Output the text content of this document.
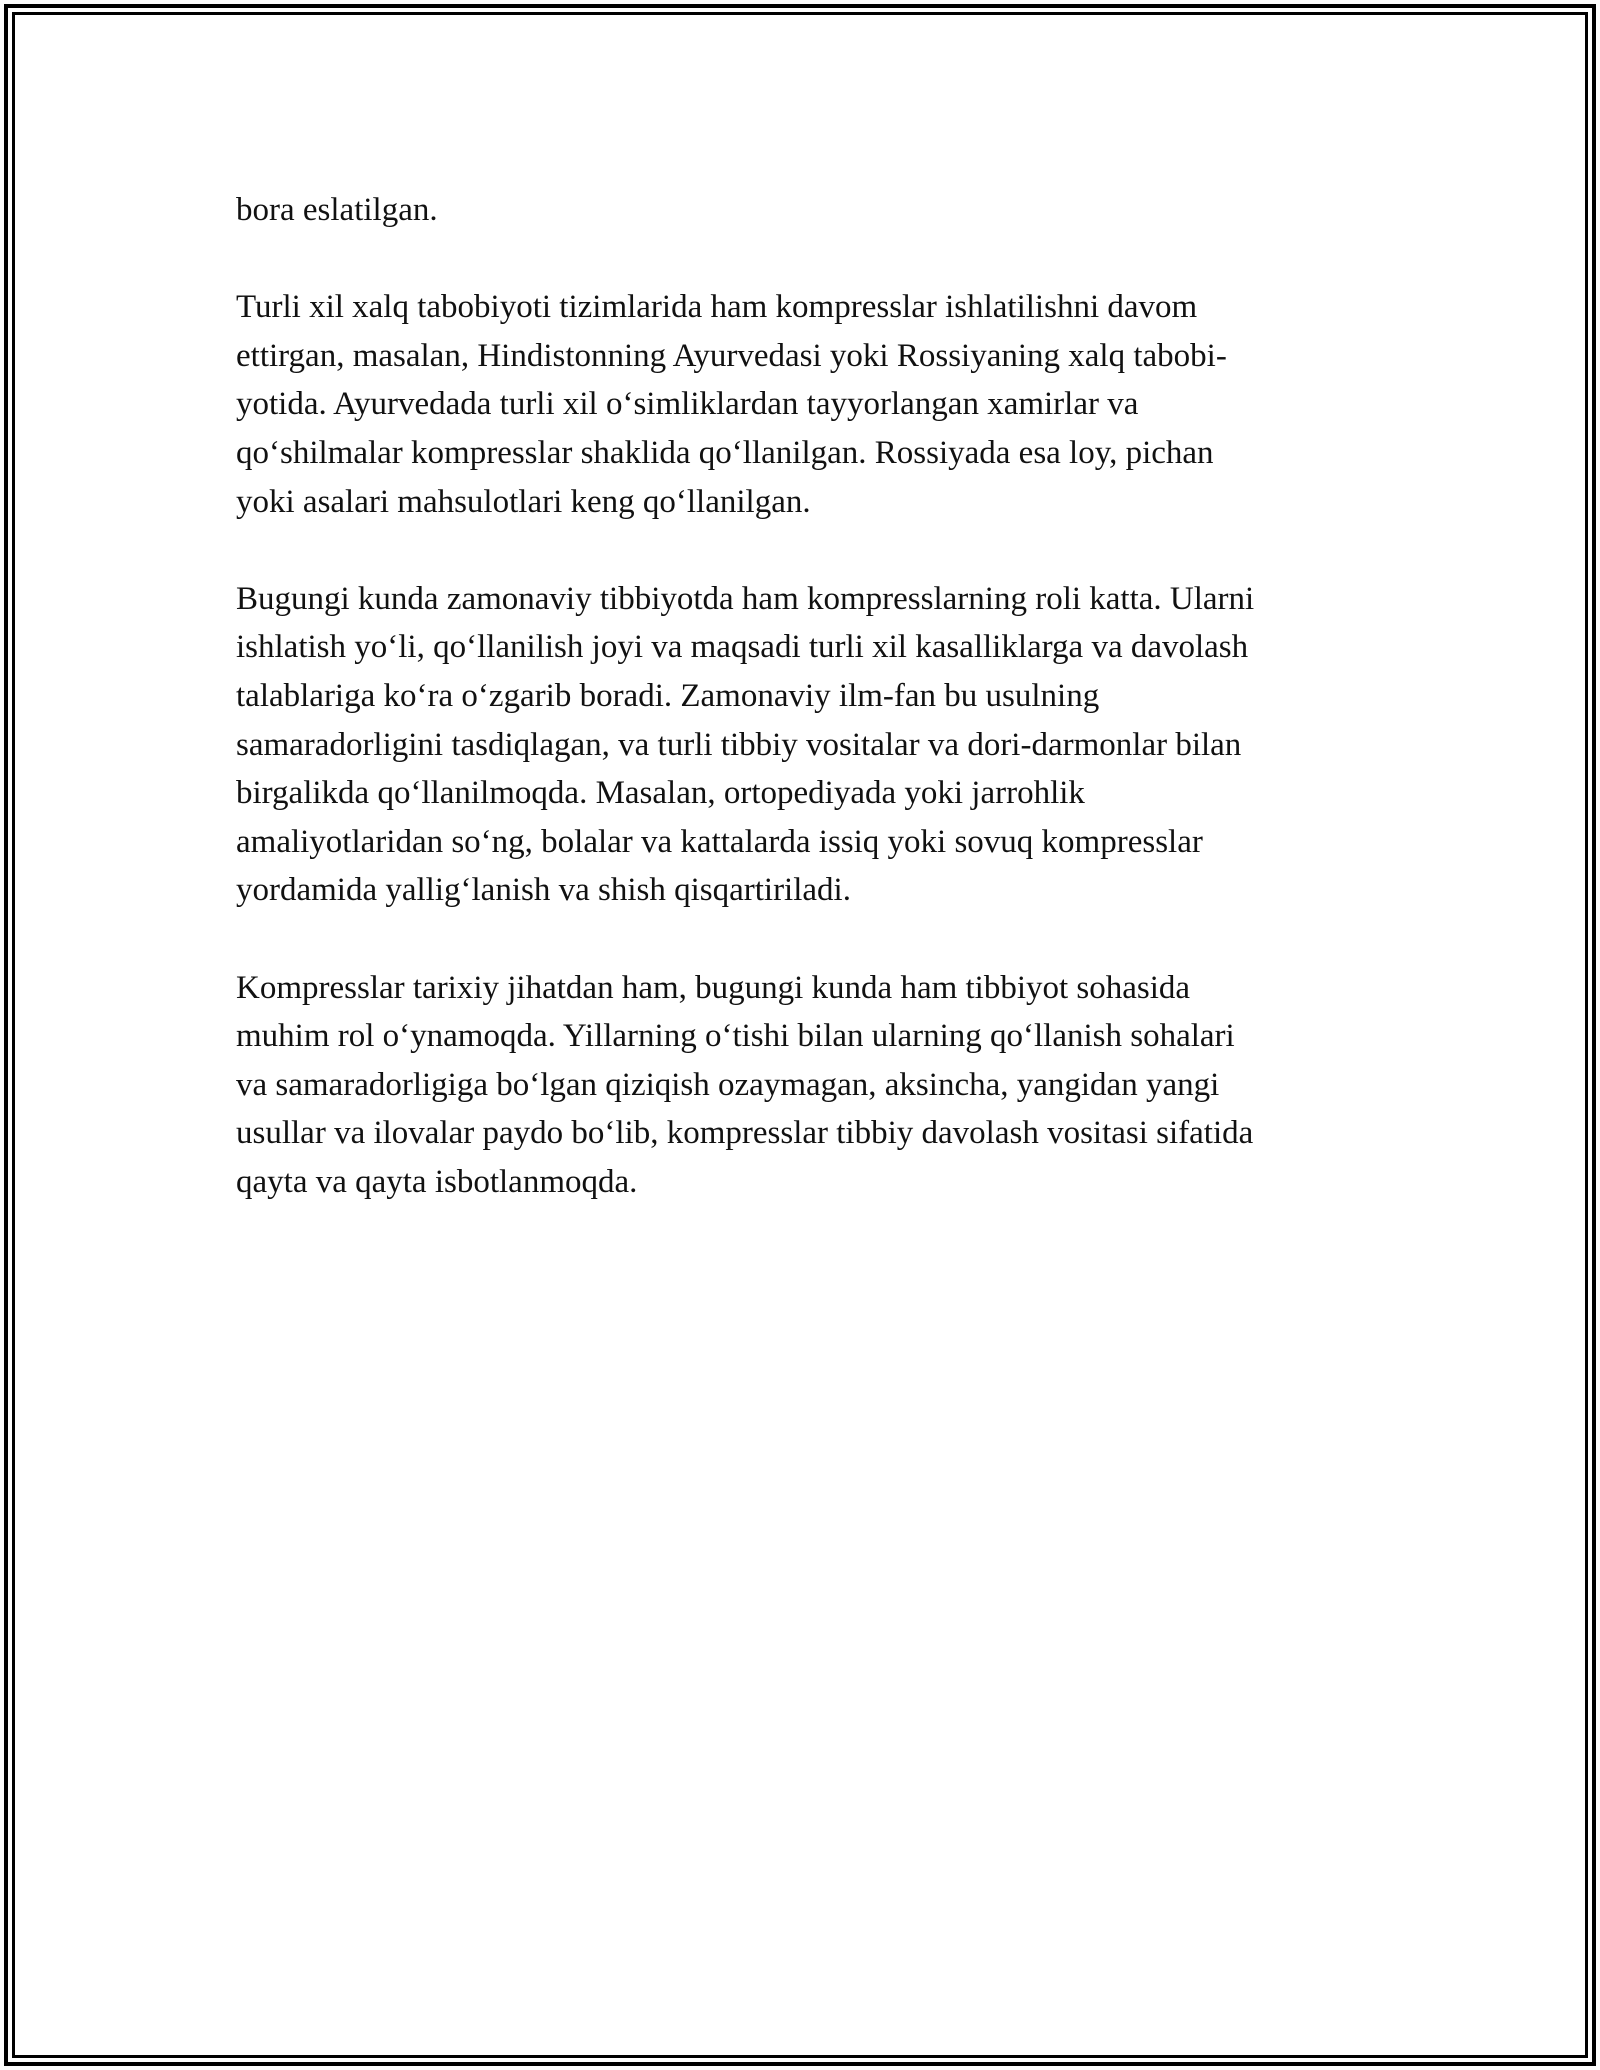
bora eslatilgan.

Turli xil xalq tabobiyoti tizimlarida ham kompresslar ishlatilishni davom
ettirgan, masalan, Hindistonning Ayurvedasi yoki Rossiyaning xalq tabobi-
yotida. Ayurvedada turli xil o‘simliklardan tayyorlangan xamirlar va
qo‘shilmalar kompresslar shaklida qo‘llanilgan. Rossiyada esa loy, pichan
yoki asalari mahsulotlari keng qo‘llanilgan.

Bugungi kunda zamonaviy tibbiyotda ham kompresslarning roli katta. Ularni
ishlatish yo‘li, qo‘llanilish joyi va maqsadi turli xil kasalliklarga va davolash
talablariga ko‘ra o‘zgarib boradi. Zamonaviy ilm-fan bu usulning
samaradorligini tasdiqlagan, va turli tibbiy vositalar va dori-darmonlar bilan
birgalikda qo‘llanilmoqda. Masalan, ortopediyada yoki jarrohlik
amaliyotlaridan so‘ng, bolalar va kattalarda issiq yoki sovuq kompresslar
yordamida yallig‘lanish va shish qisqartiriladi.

Kompresslar tarixiy jihatdan ham, bugungi kunda ham tibbiyot sohasida
muhim rol o‘ynamoqda. Yillarning o‘tishi bilan ularning qo‘llanish sohalari
va samaradorligiga bo‘lgan qiziqish ozaymagan, aksincha, yangidan yangi
usullar va ilovalar paydo bo‘lib, kompresslar tibbiy davolash vositasi sifatida
qayta va qayta isbotlanmoqda.
